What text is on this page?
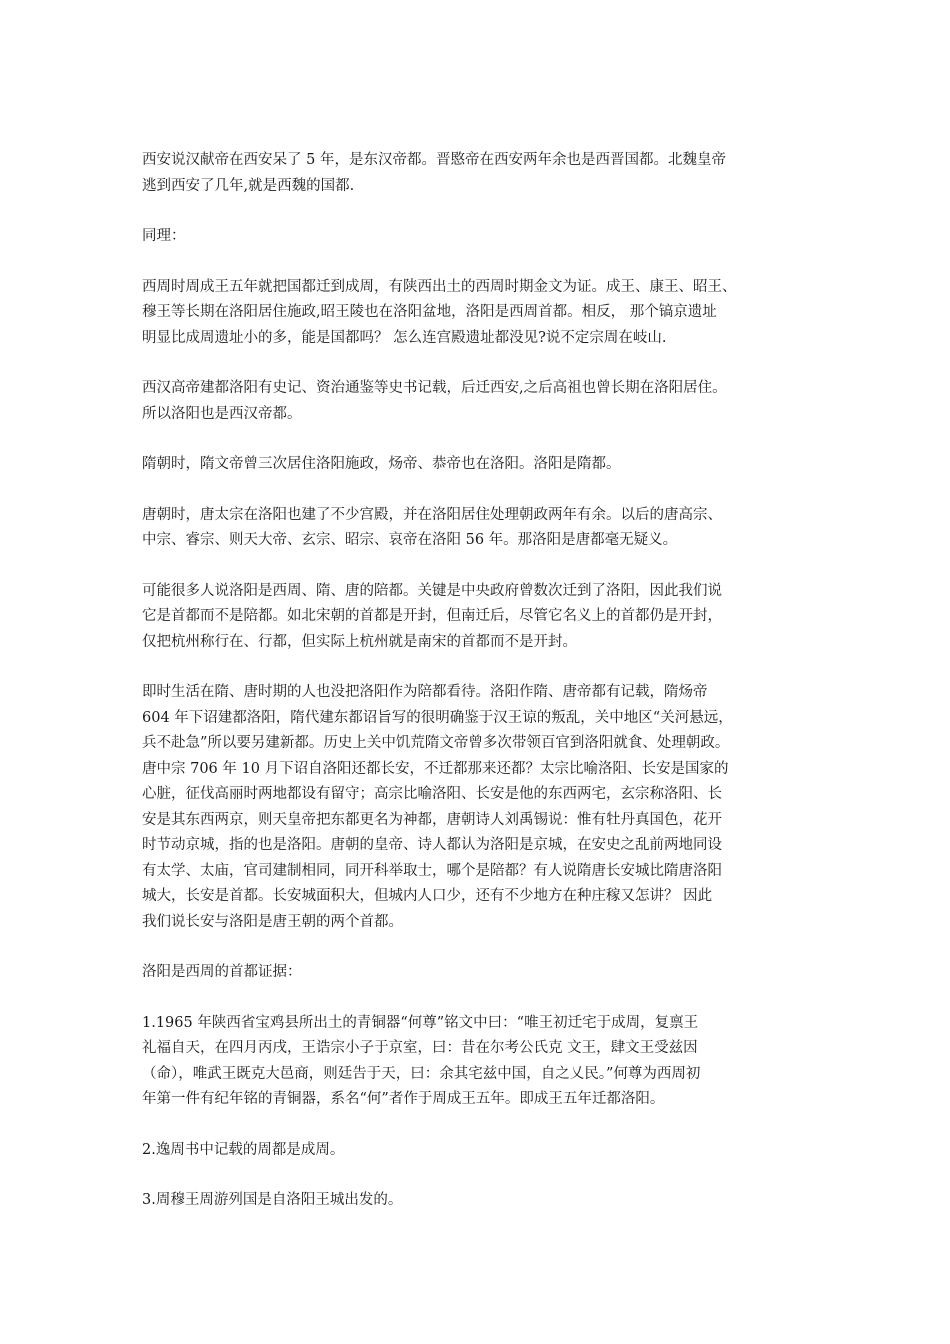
西安说汉献帝在西安呆了 5 年，是东汉帝都。晋愍帝在西安两年余也是西晋国都。北魏皇帝
逃到西安了几年,就是西魏的国都.

同理：

西周时周成王五年就把国都迁到成周，有陕西出土的西周时期金文为证。成王、康王、昭王、
穆王等长期在洛阳居住施政,昭王陵也在洛阳盆地，洛阳是西周首都。相反， 那个镐京遗址
明显比成周遗址小的多，能是国都吗？ 怎么连宫殿遗址都没见?说不定宗周在岐山.

西汉高帝建都洛阳有史记、资治通鉴等史书记载，后迁西安,之后高祖也曾长期在洛阳居住。
所以洛阳也是西汉帝都。

隋朝时，隋文帝曾三次居住洛阳施政，炀帝、恭帝也在洛阳。洛阳是隋都。

唐朝时，唐太宗在洛阳也建了不少宫殿，并在洛阳居住处理朝政两年有余。以后的唐高宗、
中宗、睿宗、则天大帝、玄宗、昭宗、哀帝在洛阳 56 年。那洛阳是唐都毫无疑义。

可能很多人说洛阳是西周、隋、唐的陪都。关键是中央政府曾数次迁到了洛阳，因此我们说
它是首都而不是陪都。如北宋朝的首都是开封，但南迁后，尽管它名义上的首都仍是开封，
仅把杭州称行在、行都，但实际上杭州就是南宋的首都而不是开封。

即时生活在隋、唐时期的人也没把洛阳作为陪都看待。洛阳作隋、唐帝都有记载，隋炀帝
604 年下诏建都洛阳，隋代建东都诏旨写的很明确鉴于汉王谅的叛乱，关中地区“关河悬远，
兵不赴急”所以要另建新都。历史上关中饥荒隋文帝曾多次带领百官到洛阳就食、处理朝政。
唐中宗 706 年 10 月下诏自洛阳还都长安，不迁都那来还都？太宗比喻洛阳、长安是国家的
心脏，征伐高丽时两地都设有留守；高宗比喻洛阳、长安是他的东西两宅，玄宗称洛阳、长
安是其东西两京，则天皇帝把东都更名为神都，唐朝诗人刘禹锡说：惟有牡丹真国色，花开
时节动京城，指的也是洛阳。唐朝的皇帝、诗人都认为洛阳是京城，在安史之乱前两地同设
有太学、太庙，官司建制相同，同开科举取士，哪个是陪都？有人说隋唐长安城比隋唐洛阳
城大，长安是首都。长安城面积大，但城内人口少，还有不少地方在种庄稼又怎讲？ 因此
我们说长安与洛阳是唐王朝的两个首都。

洛阳是西周的首都证据：

1.1965 年陕西省宝鸡县所出土的青铜器“何尊”铭文中曰：“唯王初迁宅于成周，复禀王
礼福自天，在四月丙戌，王诰宗小子于京室，曰：昔在尔考公氏克 文王，肆文王受兹因
（命），唯武王既克大邑商，则廷告于天，曰：余其宅兹中国，自之乂民。”何尊为西周初
年第一件有纪年铭的青铜器，系名“何”者作于周成王五年。即成王五年迁都洛阳。

2.逸周书中记载的周都是成周。

3.周穆王周游列国是自洛阳王城出发的。
